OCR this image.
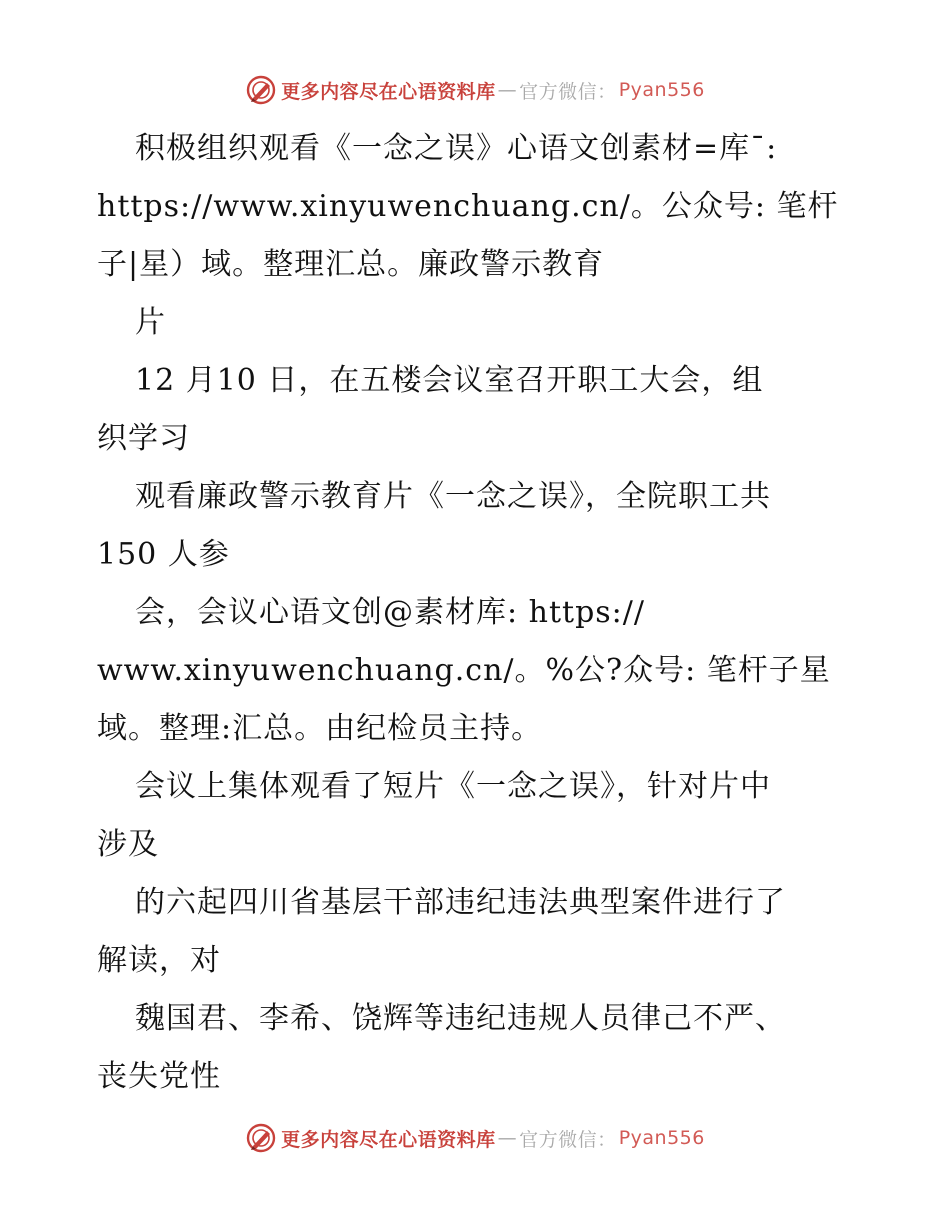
更多内容尽在心语资料库 — 官方微信： Pyan556
积极组织观看《一念之误》心语文创素材=库¯:
https://www.xinyuwenchuang.cn/。公众号: 笔杆
子|星）域。整理汇总。廉政警示教育
片
12 月10 日，在五楼会议室召开职工大会，组
织学习
观看廉政警示教育片《一念之误》，全院职工共
150 人参
会，会议心语文创@素材库: https://
www.xinyuwenchuang.cn/。%公?众号: 笔杆子星
域。整理:汇总。由纪检员主持。
会议上集体观看了短片《一念之误》，针对片中
涉及
的六起四川省基层干部违纪违法典型案件进行了
解读，对
魏国君、李希、饶辉等违纪违规人员律己不严、
丧失党性
更多内容尽在心语资料库 — 官方微信： Pyan556
